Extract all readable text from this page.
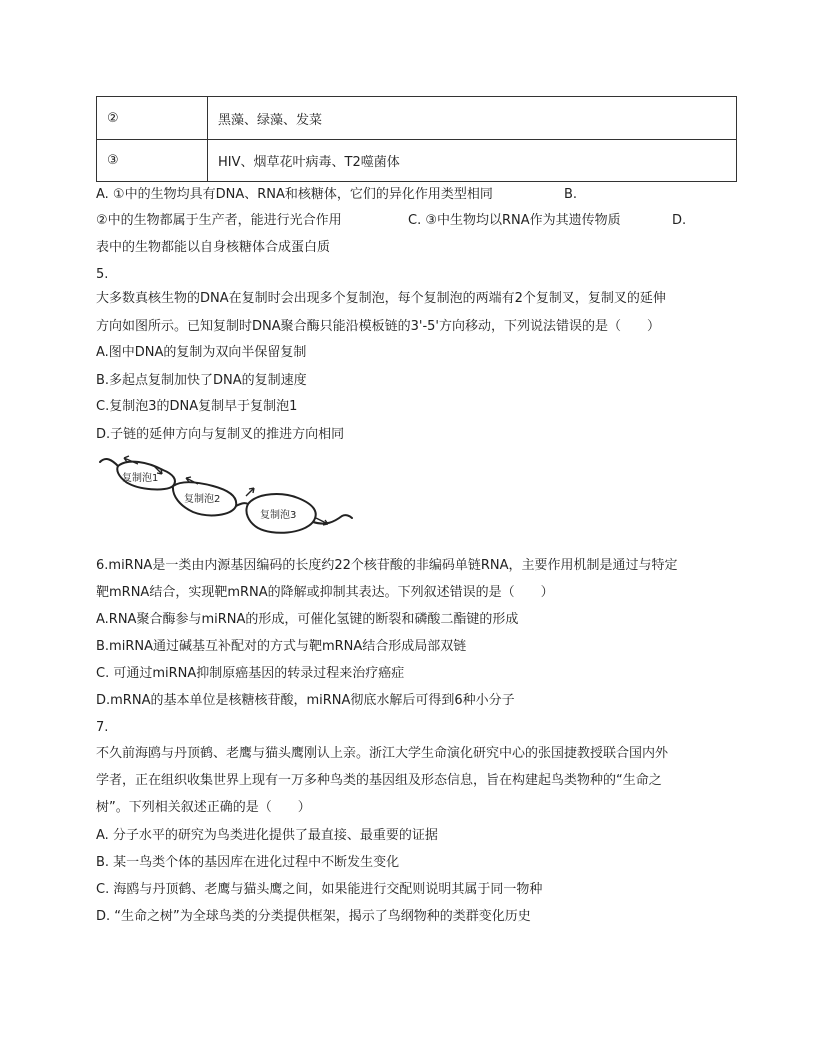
②	黑藻、绿藻、发菜
③	HIV、烟草花叶病毒、T2噬菌体
A. ①中的生物均具有DNA、RNA和核糖体，它们的异化作用类型相同	B.
②中的生物都属于生产者，能进行光合作用	C. ③中生物均以RNA作为其遗传物质	D.
表中的生物都能以自身核糖体合成蛋白质
5.
大多数真核生物的DNA在复制时会出现多个复制泡，每个复制泡的两端有2个复制叉，复制叉的延伸
方向如图所示。已知复制时DNA聚合酶只能沿模板链的3'-5'方向移动，下列说法错误的是（　　）
A.图中DNA的复制为双向半保留复制
B.多起点复制加快了DNA的复制速度
C.复制泡3的DNA复制早于复制泡1
D.子链的延伸方向与复制叉的推进方向相同
复制泡1
复制泡2
复制泡3
6.miRNA是一类由内源基因编码的长度约22个核苷酸的非编码单链RNA，主要作用机制是通过与特定
靶mRNA结合，实现靶mRNA的降解或抑制其表达。下列叙述错误的是（　　）
A.RNA聚合酶参与miRNA的形成，可催化氢键的断裂和磷酸二酯键的形成
B.miRNA通过碱基互补配对的方式与靶mRNA结合形成局部双链
C. 可通过miRNA抑制原癌基因的转录过程来治疗癌症
D.mRNA的基本单位是核糖核苷酸，miRNA彻底水解后可得到6种小分子
7.
不久前海鸥与丹顶鹤、老鹰与猫头鹰刚认上亲。浙江大学生命演化研究中心的张国捷教授联合国内外
学者，正在组织收集世界上现有一万多种鸟类的基因组及形态信息，旨在构建起鸟类物种的“生命之
树”。下列相关叙述正确的是（　　）
A. 分子水平的研究为鸟类进化提供了最直接、最重要的证据
B. 某一鸟类个体的基因库在进化过程中不断发生变化
C. 海鸥与丹顶鹤、老鹰与猫头鹰之间，如果能进行交配则说明其属于同一物种
D. “生命之树”为全球鸟类的分类提供框架，揭示了鸟纲物种的类群变化历史
